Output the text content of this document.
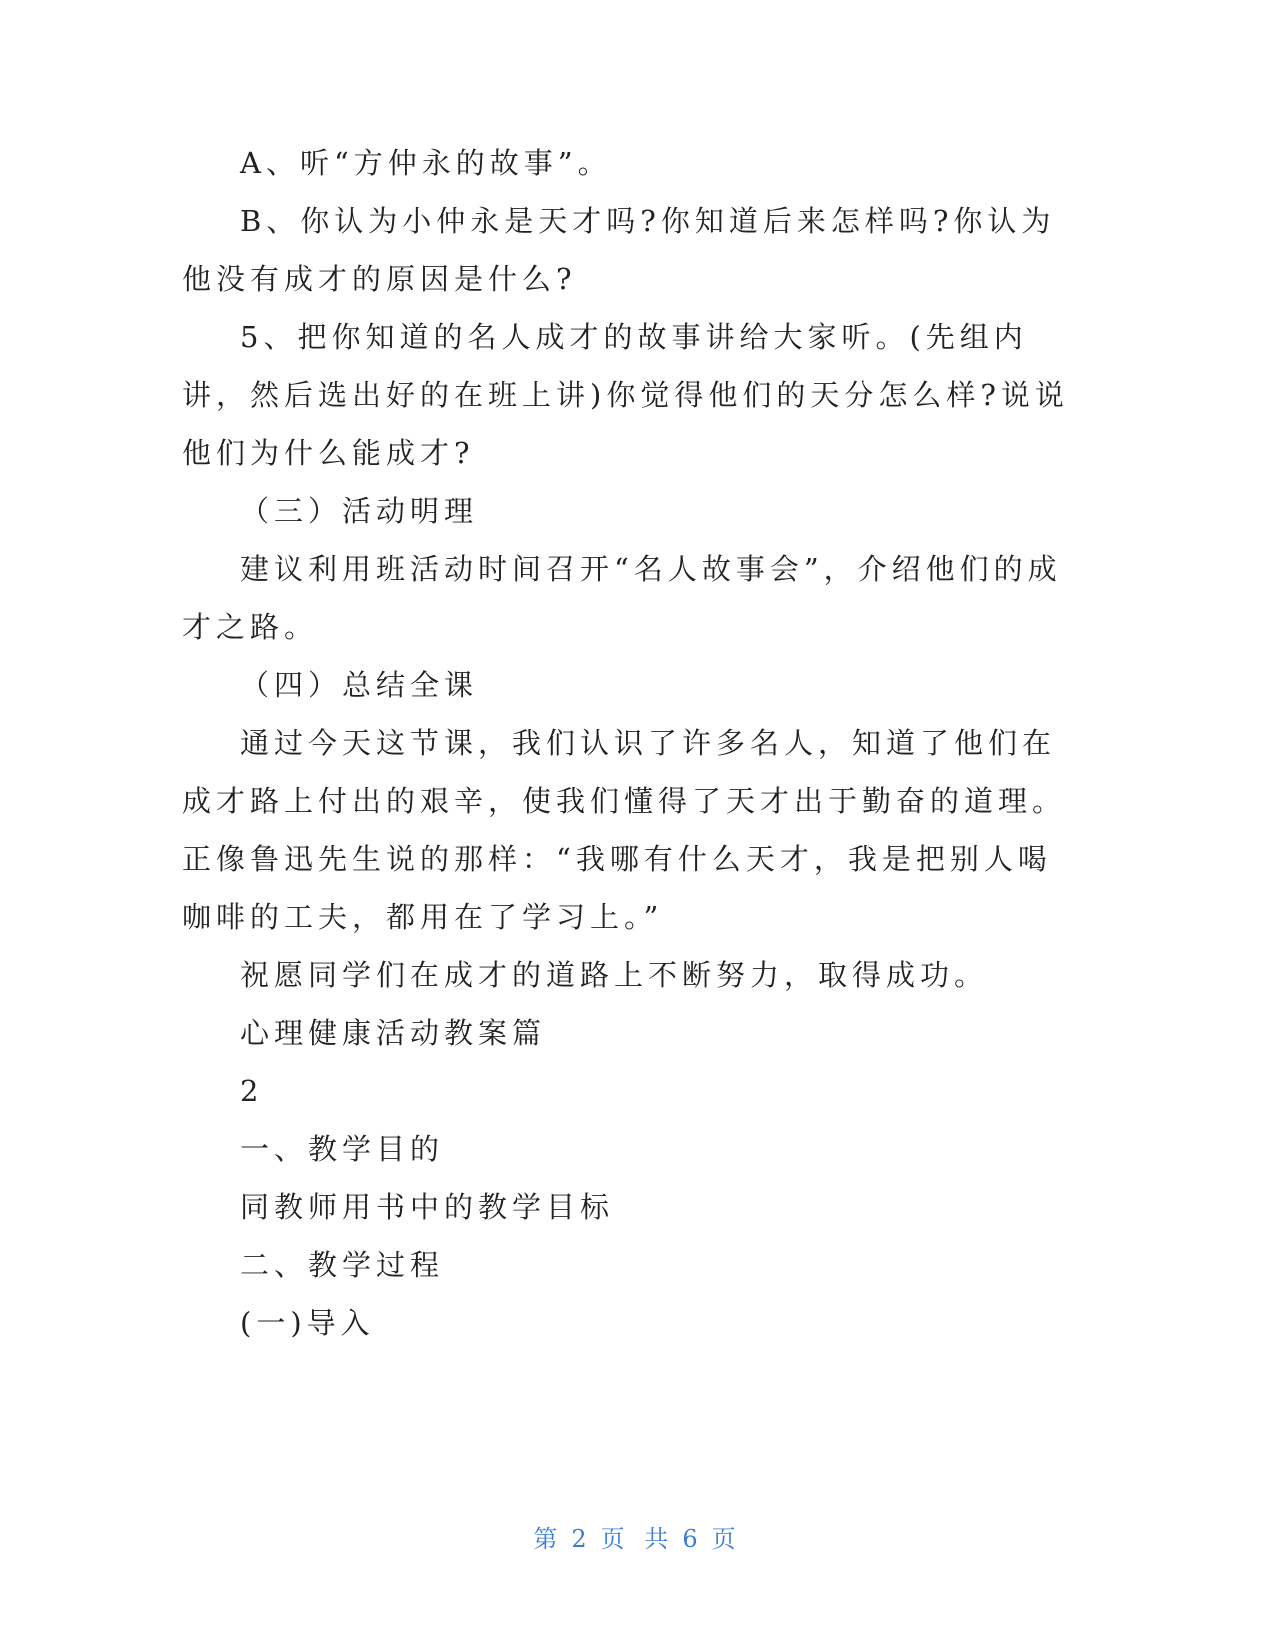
A、听“方仲永的故事”。

B、你认为小仲永是天才吗?你知道后来怎样吗?你认为他没有成才的原因是什么?

5、把你知道的名人成才的故事讲给大家听。(先组内讲，然后选出好的在班上讲)你觉得他们的天分怎么样?说说他们为什么能成才?

（三）活动明理

建议利用班活动时间召开“名人故事会”，介绍他们的成才之路。

（四）总结全课

通过今天这节课，我们认识了许多名人，知道了他们在成才路上付出的艰辛，使我们懂得了天才出于勤奋的道理。正像鲁迅先生说的那样：“我哪有什么天才，我是把别人喝咖啡的工夫，都用在了学习上。”

祝愿同学们在成才的道路上不断努力，取得成功。

心理健康活动教案篇

2

一、教学目的

同教师用书中的教学目标

二、教学过程

(一)导入

第 2 页 共 6 页
